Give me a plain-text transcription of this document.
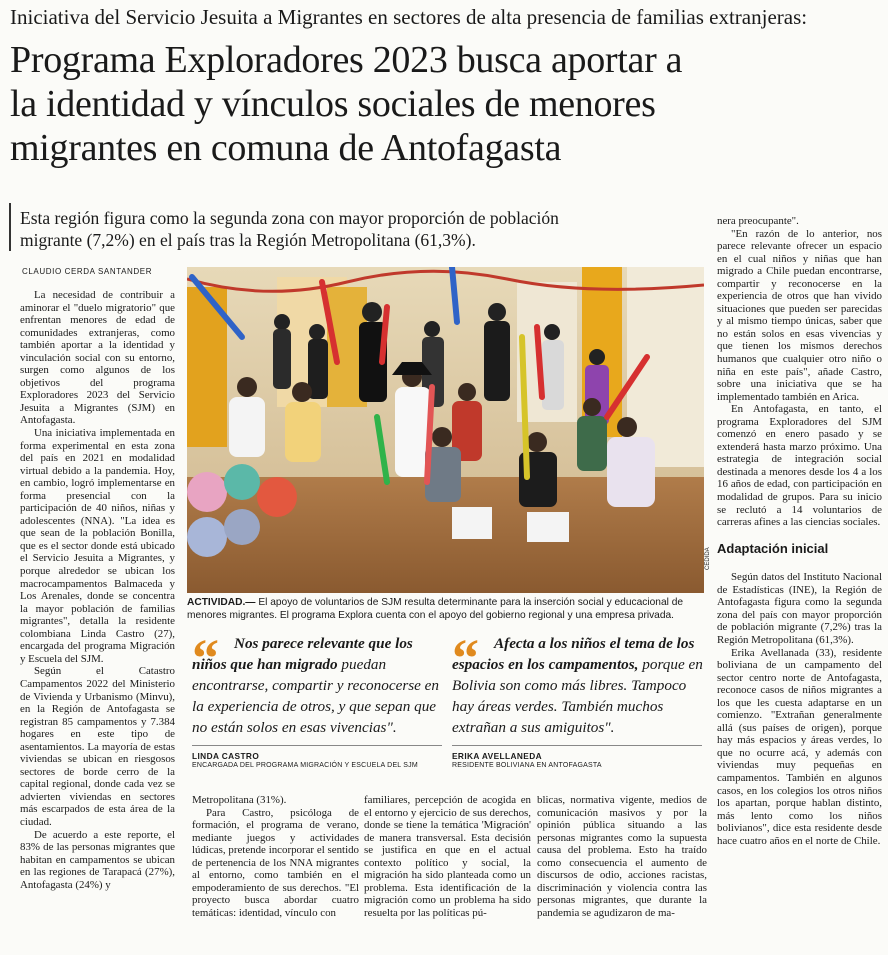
Iniciativa del Servicio Jesuita a Migrantes en sectores de alta presencia de familias extranjeras:
Programa Exploradores 2023 busca aportar a
la identidad y vínculos sociales de menores
migrantes en comuna de Antofagasta
Esta región figura como la segunda zona con mayor proporción de población
migrante (7,2%) en el país tras la Región Metropolitana (61,3%).
CLAUDIO CERDA SANTANDER

La necesidad de contribuir a aminorar el "duelo migratorio" que enfrentan menores de edad de comunidades extranjeras, como también aportar a la identidad y vinculación social con su entorno, surgen como algunos de los objetivos del programa Exploradores 2023 del Servicio Jesuita a Migrantes (SJM) en Antofagasta.

Una iniciativa implementada en forma experimental en esta zona del país en 2021 en modalidad virtual debido a la pandemia. Hoy, en cambio, logró implementarse en forma presencial con la participación de 40 niños, niñas y adolescentes (NNA). "La idea es que sean de la población Bonilla, que es el sector donde está ubicado el Servicio Jesuita a Migrantes, y porque alrededor se ubican los macrocampamentos Balmaceda y Los Arenales, donde se concentra la mayor población de familias migrantes", detalla la residente colombiana Linda Castro (27), encargada del programa Migración y Escuela del SJM.

Según el Catastro Campamentos 2022 del Ministerio de Vivienda y Urbanismo (Minvu), en la Región de Antofagasta se registran 85 campamentos y 7.384 hogares en este tipo de asentamientos. La mayoría de estas viviendas se ubican en riesgosos sectores de borde cerro de la capital regional, donde cada vez se advierten viviendas en sectores más escarpados de esta área de la ciudad.

De acuerdo a este reporte, el 83% de las personas migrantes que habitan en campamentos se ubican en las regiones de Tarapacá (27%), Antofagasta (24%) y

CEDIDA
ACTIVIDAD.— El apoyo de voluntarios de SJM resulta determinante para la inserción social y educacional de menores migrantes. El programa Explora cuenta con el apoyo del gobierno regional y una empresa privada.
“ Nos parece relevante que los niños que han migrado puedan encontrarse, compartir y reconocerse en la experiencia de otros, y que sepan que no están solos en esas vivencias".
LINDA CASTRO
ENCARGADA DEL PROGRAMA MIGRACIÓN Y ESCUELA DEL SJM
“ Afecta a los niños el tema de los espacios en los campamentos, porque en Bolivia son como más libres. Tampoco hay áreas verdes. También muchos extrañan a sus amiguitos".
ERIKA AVELLANEDA
RESIDENTE BOLIVIANA EN ANTOFAGASTA
Metropolitana (31%).

Para Castro, psicóloga de formación, el programa de verano, mediante juegos y actividades lúdicas, pretende incorporar el sentido de pertenencia de los NNA migrantes al entorno, como también en el empoderamiento de sus derechos. "El proyecto busca abordar cuatro temáticas: identidad, vínculo con

familiares, percepción de acogida en el entorno y ejercicio de sus derechos, donde se tiene la temática 'Migración' de manera transversal. Esta decisión se justifica en que en el actual contexto político y social, la migración ha sido planteada como un problema. Esta identificación de la migración como un problema ha sido resuelta por las políticas pú-
blicas, normativa vigente, medios de comunicación masivos y por la opinión pública situando a las personas migrantes como la supuesta causa del problema. Esto ha traído como consecuencia el aumento de discursos de odio, acciones racistas, discriminación y violencia contra las personas migrantes, que durante la pandemia se agudizaron de ma-
nera preocupante".

"En razón de lo anterior, nos parece relevante ofrecer un espacio en el cual niños y niñas que han migrado a Chile puedan encontrarse, compartir y reconocerse en la experiencia de otros que han vivido situaciones que pueden ser parecidas y al mismo tiempo únicas, saber que no están solos en esas vivencias y que tienen los mismos derechos humanos que cualquier otro niño o niña en este país", añade Castro, sobre una iniciativa que se ha implementado también en Arica.

En Antofagasta, en tanto, el programa Exploradores del SJM comenzó en enero pasado y se extenderá hasta marzo próximo. Una estrategia de integración social destinada a menores desde los 4 a los 16 años de edad, con participación en modalidad de grupos. Para su inicio se reclutó a 14 voluntarios de carreras afines a las ciencias sociales.

Adaptación inicial

Según datos del Instituto Nacional de Estadísticas (INE), la Región de Antofagasta figura como la segunda zona del país con mayor proporción de población migrante (7,2%) tras la Región Metropolitana (61,3%).

Erika Avellanada (33), residente boliviana de un campamento del sector centro norte de Antofagasta, reconoce casos de niños migrantes a los que les cuesta adaptarse en un comienzo. "Extrañan generalmente allá (sus países de origen), porque hay más espacios y áreas verdes, lo que no ocurre acá, y además con viviendas muy pequeñas en campamentos. También en algunos casos, en los colegios los otros niños los apartan, porque hablan distinto, más lento como los niños bolivianos", dice esta residente desde hace cuatro años en el norte de Chile.
